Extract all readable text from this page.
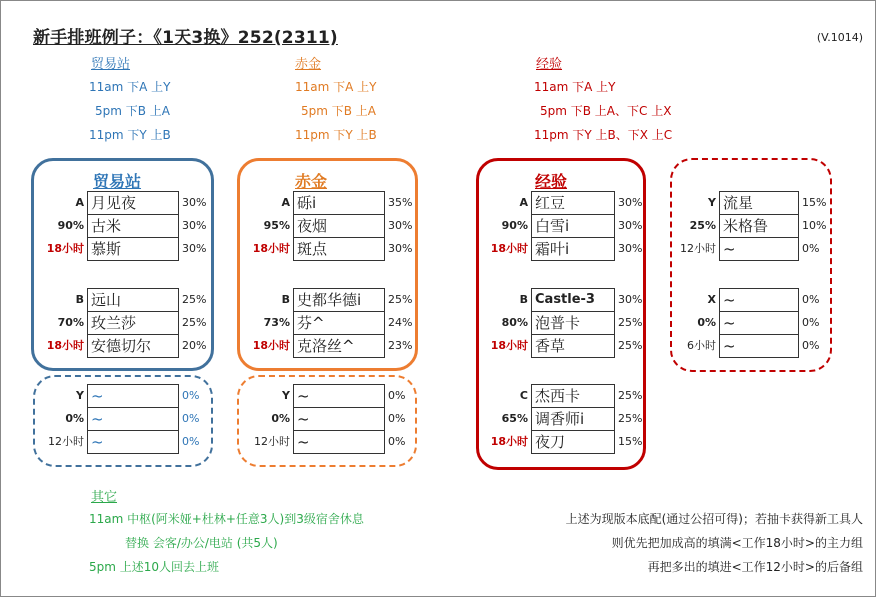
新手排班例子：《1天3换》252(2311)	(V.1014)
贸易站
11am 下A 上Y
5pm 下B 上A
11pm 下Y 上B
赤金
11am 下A 上Y
5pm 下B 上A
11pm 下Y 上B
经验
11am 下A 上Y
5pm 下B 上A、下C 上X
11pm 下Y 上B、下X 上C
贸易站
A 月见夜	30%
90% 古米	30%
18小时 慕斯	30%
B 远山	25%
70% 玫兰莎	25%
18小时 安德切尔	20%
Y ~	0%
0% ~	0%
12小时 ~	0%
赤金
A 砾i	35%
95% 夜烟	30%
18小时 斑点	30%
B 史都华德i	25%
73% 芬^	24%
18小时 克洛丝^	23%
Y ~	0%
0% ~	0%
12小时 ~	0%
经验
A 红豆	30%
90% 白雪i	30%
18小时 霜叶i	30%
B Castle-3	30%
80% 泡普卡	25%
18小时 香草	25%
C 杰西卡	25%
65% 调香师i	25%
18小时 夜刀	15%
Y 流星	15%
25% 米格鲁	10%
12小时 ~	0%
X ~	0%
0% ~	0%
6小时 ~	0%
其它
11am 中枢(阿米娅+杜林+任意3人)到3级宿舍休息
替换 会客/办公/电站 (共5人)
5pm 上述10人回去上班
上述为现版本底配(通过公招可得)；若抽卡获得新工具人
则优先把加成高的填满<工作18小时>的主力组
再把多出的填进<工作12小时>的后备组
